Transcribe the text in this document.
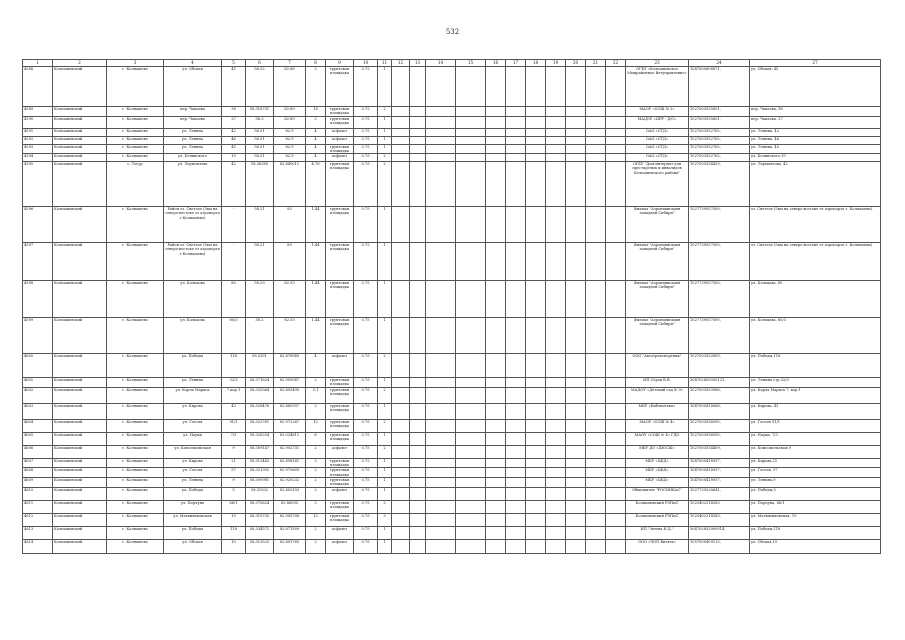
532
1	2	3	4	5	6	7	8	9	10	11	12	13	14	15	16	17	18	19	20	21	22	23	24	27
4588	Колпашевский	г. Колпашево	ул. Обская	45	58.32	82.88	2	грунтовая площадка	0.75	1												ОГБУ «Колпашевское Межрайонное Ветуправление»	1047000608871,	ул. Обская, 45
4589	Колпашевский	г. Колпашево	пер. Чапаева	38	58.316731	82.89	18	грунтовая площадка	0.75	2												МАОУ «СОШ № 2»	1027003555601,	пер. Чапаева, 38
4590	Колпашевский	г. Колпашево	пер. Чапаева	27	58.3	82.89	2	грунтовая площадка	0.75	1												МАДОУ «ЦРР - Д/С»	1027003555601,	пер. Чапаева, 27
4591	Колпашевский	г. Колпашево	ул. Ленина	42	58.31	82.9	4	асфальт	0.75	1												ОАО «СТД»	1027003552762,	ул. Ленина, 42
4592	Колпашевский	г. Колпашево	ул. Ленина	46	58.31	82.9	4	асфальт	0.75	1												ОАО «СТД»	1027003552762,	ул. Ленина, 46
4593	Колпашевский	г. Колпашево	ул. Ленина	45	58.31	82.9	4	грунтовая площадка	0.75	1												ОАО «СТД»	1027003552762,	ул. Ленина, 45
4594	Колпашевский	г. Колпашево	ул. Белинского	19	58.31	82.9	4	асфальт	0.75	2												ОАО «СТД»	1027003552762,	ул. Белинского,19
4595	Колпашевский	с. Тогур	ул. Лермонтова	42	58.36389	82.849011	4.76	грунтовая площадка	0.75	2												ОГБУ "Дом-интернат для престарелых и инвалидов Колпашевского района"	1027003554429,	ул. Лермонтова, 42
4596	Колпашевский	г. Колпашево	Район оз. Светлое (5км на северо-востоке от аэропорта г.Колпашево)	-	58.21	83	1.44	грунтовая площадка	0.75	1												Филиал "Аэронавигация западной Сибири"	1027739057500,	оз. Светлое (5км на северо-востоке от аэропорта г. Колпашево)
4597	Колпашевский	г. Колпашево	Район оз. Светлое (5км на северо-востоке от аэропорта г.Колпашево)	-	58.21	83	1.44	грунтовая площадка	0.75	1												Филиал "Аэронавигация западной Сибири"	1027739057500,	оз. Светлое (5км на северо-востоке от аэропорта г. Колпашево)
4598	Колпашевский	г. Колпашево	ул. Кольцова	80	58.29	82.55	1.44	грунтовая площадка	0.75	1												Филиал "Аэронавигация западной Сибири"	1027739057500,	ул. Кольцова, 80
4599	Колпашевский	г. Колпашево	ул. Кольцова	80/3	58.2	82.55	1.44	грунтовая площадка	0.75	1												Филиал "Аэронавигация западной Сибири"	1027739057500,	ул. Кольцова, 80/3
4600	Колпашевский	г. Колпашево	ул. Победы	118	58.3351	82.878949	4	асфальт	0.75	2												ООО "Автотранспортник"	1027003552859,	ул. Победы,118
4601	Колпашевский	г. Колпашево	ул. Ленина	32/3	58.371624	82.909047	2	грунтовая площадка	0.75	1												ИП Серов В.В.	304702609300121,	ул. Ленина стр.32/3
4602	Колпашевский	г. Колпашево	ул. Карла Маркса	7 кор.1	58.325364	82.895499	5.1	грунтовая площадка	0.75	2												МАДОУ «Детский сад № 9»	1027003553968,	ул. Карла Маркса 7, кор.1
4603	Колпашевский	г. Колпашево	ул. Кирова	43	58.328476	82.885937	2	грунтовая площадка	0.75	1												МБУ «Библиотека»	1047000418068,	ул. Кирова, 43
4604	Колпашевский	г. Колпашево	ул. Гоголя	91/1	58.322761	82.972287	12	грунтовая площадка	0.75	2												МАОУ «СОШ № 4»	1027003556095,	ул. Гоголя 91/1
4605	Колпашевский	г. Колпашево	ул. Науки	7/3	58.328254	83.034611	8	грунтовая площадка	0.75	1												МАОУ «СОШ № 4» ГДО	1027003556095,	ул. Науки, 7/3
4606	Колпашевский	г. Колпашево	ул. Комсомольская	9	58.309147	82.902731	2	асфальт	0.75	2												МБУ ДО «ДЮСШ»	1027003554409,	ул. Комсомольская,9
4607	Колпашевский	г. Колпашево	ул. Кирова	21	58.313445	82.898161	2	грунтовая площадка	0.75	1												МБУ «ЦКД»	1047000418957,	ул. Кирова,21
4608	Колпашевский	г. Колпашево	ул. Гоголя	57	58.321392	82.970609	2	грунтовая площадка	0.75	1												МБУ «ЦКД»	1047000418957,	ул. Гоголя, 57
4609	Колпашевский	г. Колпашево	ул. Ленина	9	58.309981	82.920232	2	грунтовая площадка	0.75	1												МБУ «ЦКД»	1047000418957,	ул. Ленина,9
4610	Колпашевский	г. Колпашево	ул. Победы	5	58.31502	82.850103	2	асфальт	0.75	1												Общежитие "РОСИНКАС"	1027739528641,	ул. Победы,5
4611	Колпашевский	г. Колпашево	ул. Порчуна	66/1	58.370624	82.86095	3	грунтовая площадка	0.75	2												Колпашевский РЭПиС	1025402314583	ул. Порчуна, 66/1
4612	Колпашевский	г. Колпашево	ул. Матвиенковская	19	58.310735	82.905708	12	грунтовая площадка	0.75	3												Колпашевский РЭПиС	1025402314583,	ул. Матвиенковская, 19
4613	Колпашевский	г. Колпашево	ул. Победы	118	58.334572	82.871509	2	асфальт	0.75	1												ИП "Зятева И.Д."	304702832900014,	ул. Победы,118
4614	Колпашевский	г. Колпашево	ул. Обская	10	58.313525	82.893765	2	асфальт	0.75	1												ООО «ЧОП Витязь»	1057000409113,	ул. Обская,10
